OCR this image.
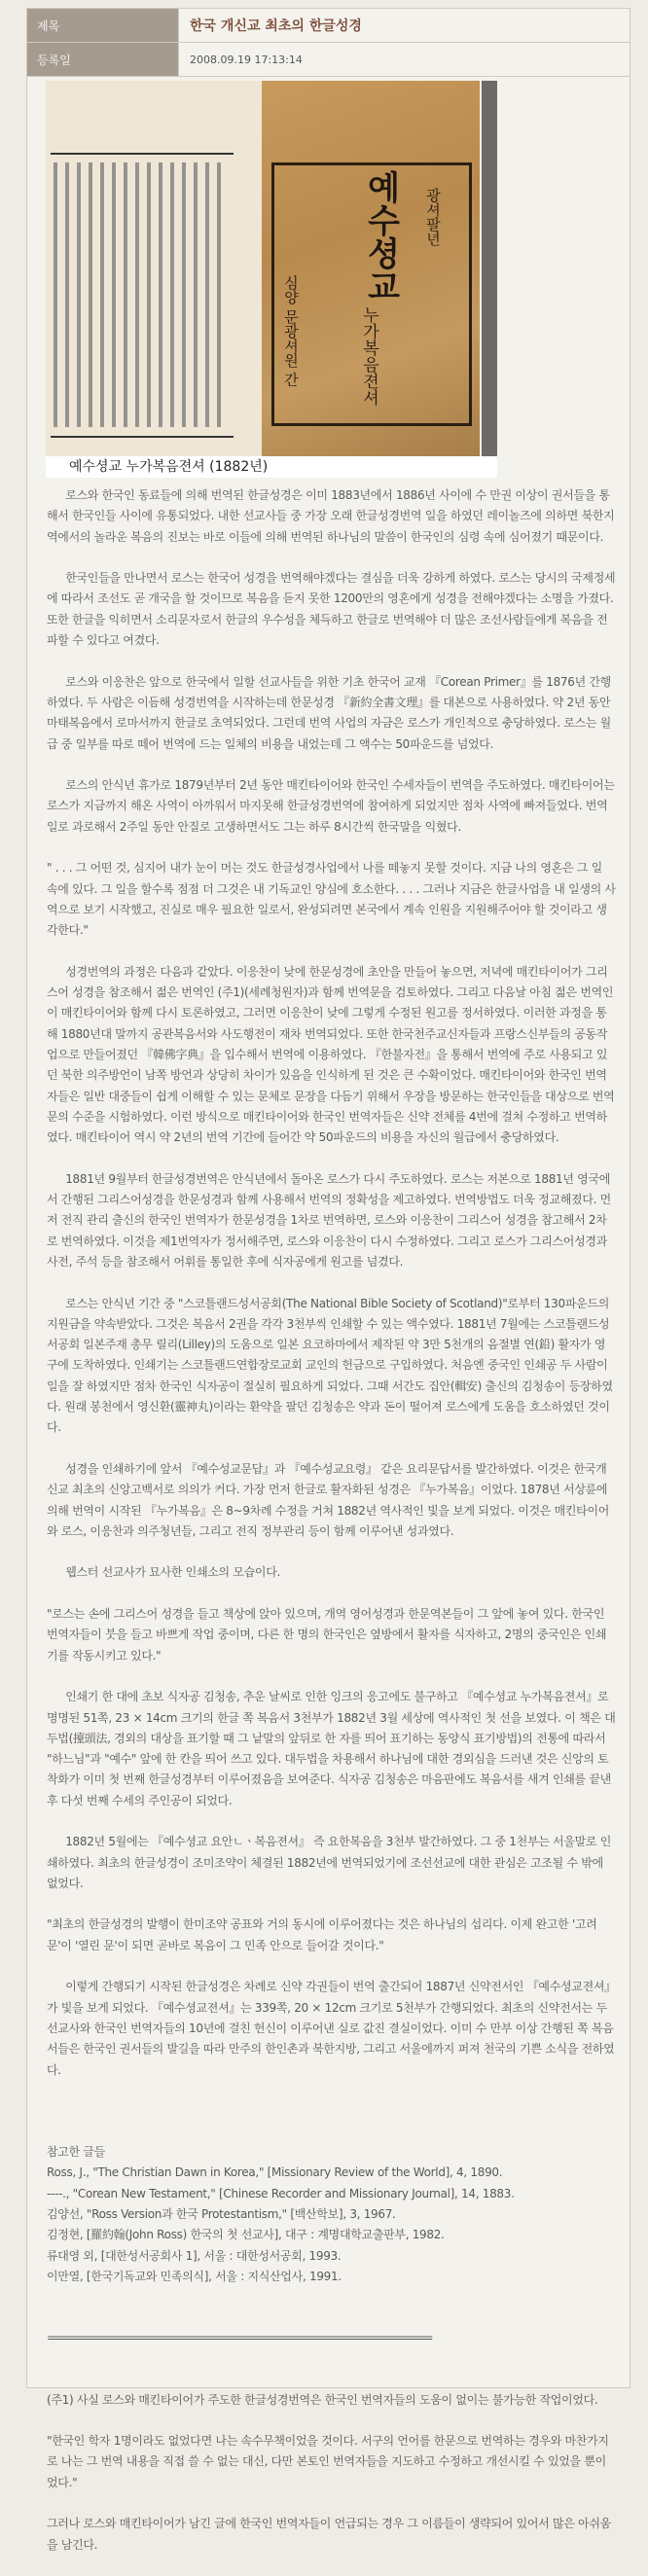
제목	한국 개신교 최초의 한글성경
등록일	2008.09.19 17:13:14
예수셩교
누가복음젼셔
광셔팔년
심양 문광셔원 간
예수셩교 누가복음젼셔 (1882년)

로스와 한국인 동료들에 의해 번역된 한글성경은 이미 1883년에서 1886년 사이에 수 만권 이상이 권서들을 통해서 한국인들 사이에 유통되었다. 내한 선교사들 중 가장 오래 한글성경번역 일을 하였던 레이놀즈에 의하면 북한지역에서의 놀라운 복음의 진보는 바로 이들에 의해 번역된 하나님의 말씀이 한국인의 심령 속에 심어졌기 때문이다.

한국인들을 만나면서 로스는 한국어 성경을 번역해야겠다는 결심을 더욱 강하게 하였다. 로스는 당시의 국제정세에 따라서 조선도 곧 개국을 할 것이므로 복음을 듣지 못한 1200만의 영혼에게 성경을 전해야겠다는 소명을 가졌다. 또한 한글을 익히면서 소리문자로서 한글의 우수성을 체득하고 한글로 번역해야 더 많은 조선사람들에게 복음을 전파할 수 있다고 여겼다.

로스와 이응찬은 앞으로 한국에서 일할 선교사들을 위한 기초 한국어 교재 『Corean Primer』를 1876년 간행하였다. 두 사람은 이듬해 성경번역을 시작하는데 한문성경 『新約全書文理』를 대본으로 사용하였다. 약 2년 동안 마태복음에서 로마서까지 한글로 초역되었다. 그런데 번역 사업의 자금은 로스가 개인적으로 충당하였다. 로스는 월급 중 일부를 따로 떼어 번역에 드는 일체의 비용을 내었는데 그 액수는 50파운드를 넘었다.

로스의 안식년 휴가로 1879년부터 2년 동안 매킨타이어와 한국인 수세자들이 번역을 주도하였다. 매킨타이어는 로스가 지금까지 해온 사역이 아까워서 마지못해 한글성경번역에 참여하게 되었지만 점차 사역에 빠져들었다. 번역일로 과로해서 2주일 동안 안질로 고생하면서도 그는 하루 8시간씩 한국말을 익혔다.

" . . . 그 어떤 것, 심지어 내가 눈이 머는 것도 한글성경사업에서 나를 떼놓지 못할 것이다. 지금 나의 영혼은 그 일 속에 있다. 그 일을 할수록 점점 더 그것은 내 기독교인 양심에 호소한다. . . . 그러나 지금은 한글사업을 내 일생의 사역으로 보기 시작했고, 진실로 매우 필요한 일로서, 완성되려면 본국에서 계속 인원을 지원해주어야 할 것이라고 생각한다."

성경번역의 과정은 다음과 같았다. 이응찬이 낮에 한문성경에 초안을 만들어 놓으면, 저녁에 매킨타이어가 그리스어 성경을 참조해서 젊은 번역인 (주1)(세례청원자)과 함께 번역문을 검토하였다. 그리고 다음날 아침 젊은 번역인이 매킨타이어와 함께 다시 토론하였고, 그러면 이응찬이 낮에 그렇게 수정된 원고를 정서하였다. 이러한 과정을 통해 1880년대 말까지 공관복음서와 사도행전이 재차 번역되었다. 또한 한국천주교신자들과 프랑스신부들의 공동작업으로 만들어졌던 『韓佛字典』을 입수해서 번역에 이용하였다. 『한불자전』을 통해서 번역에 주로 사용되고 있던 북한 의주방언이 남쪽 방언과 상당히 차이가 있음을 인식하게 된 것은 큰 수확이었다. 매킨타이어와 한국인 번역자들은 일반 대중들이 쉽게 이해할 수 있는 문체로 문장을 다듬기 위해서 우장을 방문하는 한국인들을 대상으로 번역문의 수준을 시험하였다. 이런 방식으로 매킨타이어와 한국인 번역자들은 신약 전체를 4번에 걸쳐 수정하고 번역하였다. 매킨타이어 역시 약 2년의 번역 기간에 들어간 약 50파운드의 비용을 자신의 월급에서 충당하였다.

1881년 9월부터 한글성경번역은 안식년에서 돌아온 로스가 다시 주도하였다. 로스는 저본으로 1881년 영국에서 간행된 그리스어성경을 한문성경과 함께 사용해서 번역의 정확성을 제고하였다. 번역방법도 더욱 정교해졌다. 먼저 전직 관리 출신의 한국인 번역자가 한문성경을 1차로 번역하면, 로스와 이응찬이 그리스어 성경을 참고해서 2차로 번역하였다. 이것을 제1번역자가 정서해주면, 로스와 이응찬이 다시 수정하였다. 그리고 로스가 그리스어성경과 사전, 주석 등을 참조해서 어휘를 통일한 후에 식자공에게 원고를 넘겼다.

로스는 안식년 기간 중 "스코틀랜드성서공회(The National Bible Society of Scotland)"로부터 130파운드의 지원금을 약속받았다. 그것은 복음서 2권을 각각 3천부씩 인쇄할 수 있는 액수였다. 1881년 7월에는 스코틀랜드성서공회 일본주재 총무 릴리(Lilley)의 도움으로 일본 요코하마에서 제작된 약 3만 5천개의 음절별 연(鉛) 활자가 영구에 도착하였다. 인쇄기는 스코틀랜드연합장로교회 교인의 헌금으로 구입하였다. 처음엔 중국인 인쇄공 두 사람이 일을 잘 하였지만 점차 한국인 식자공이 절실히 필요하게 되었다. 그때 서간도 집안(輯安) 출신의 김청송이 등장하였다. 원래 봉천에서 영신환(靈神丸)이라는 환약을 팔던 김청송은 약과 돈이 떨어져 로스에게 도움을 호소하였던 것이다.

성경을 인쇄하기에 앞서 『예수성교문답』과 『예수성교요령』 같은 요리문답서를 발간하였다. 이것은 한국개신교 최초의 신앙고백서로 의의가 커다. 가장 먼저 한글로 활자화된 성경은 『누가복음』이었다. 1878년 서상륜에 의해 번역이 시작된 『누가복음』은 8~9차례 수정을 거쳐 1882년 역사적인 빛을 보게 되었다. 이것은 매킨타이어와 로스, 이응찬과 의주청년들, 그리고 전직 정부관리 등이 함께 이루어낸 성과였다.

웹스터 선교사가 묘사한 인쇄소의 모습이다.

"로스는 손에 그리스어 성경을 들고 책상에 앉아 있으며, 개역 영어성경과 한문역본들이 그 앞에 놓여 있다. 한국인 번역자들이 붓을 들고 바쁘게 작업 중이며, 다른 한 명의 한국인은 옆방에서 활자를 식자하고, 2명의 중국인은 인쇄기를 작동시키고 있다."

인쇄기 한 대에 초보 식자공 김청송, 추운 날씨로 인한 잉크의 응고에도 불구하고 『예수셩교 누가복음젼셔』로 명명된 51쪽, 23 × 14cm 크기의 한글 쪽 복음서 3천부가 1882년 3월 세상에 역사적인 첫 선을 보였다. 이 책은 대두법(擡頭法, 경외의 대상을 표기할 때 그 낱말의 앞뒤로 한 자를 띄어 표기하는 동양식 표기방법)의 전통에 따라서 "하느님"과 "예수" 앞에 한 칸을 띄어 쓰고 있다. 대두법을 차용해서 하나님에 대한 경외심을 드러낸 것은 신앙의 토착화가 이미 첫 번째 한글성경부터 이루어졌음을 보여준다. 식자공 김청송은 마음판에도 복음서를 새겨 인쇄를 끝낸 후 다섯 번째 수세의 주인공이 되었다.

1882년 5월에는 『예수셩교 요안ㄴㆍ복음젼셔』 즉 요한복음을 3천부 발간하였다. 그 중 1천부는 서울말로 인쇄하였다. 최초의 한글성경이 조미조약이 체결된 1882년에 번역되었기에 조선선교에 대한 관심은 고조될 수 밖에 없었다.

"최초의 한글성경의 발행이 한미조약 공표와 거의 동시에 이루어졌다는 것은 하나님의 섭리다. 이제 완고한 '고려문'이 '열린 문'이 되면 곧바로 복음이 그 민족 안으로 들어갈 것이다."

이렇게 간행되기 시작된 한글성경은 차례로 신약 각권들이 번역 출간되어 1887년 신약전서인 『예수셩교젼셔』가 빛을 보게 되었다. 『예수셩교젼셔』는 339쪽, 20 × 12cm 크기로 5천부가 간행되었다. 최초의 신약전서는 두 선교사와 한국인 번역자들의 10년에 걸친 헌신이 이루어낸 실로 값진 결실이었다. 이미 수 만부 이상 간행된 쪽 복음서들은 한국인 권서들의 발길을 따라 만주의 한인촌과 북한지방, 그리고 서울에까지 퍼져 천국의 기쁜 소식을 전하였다.

참고한 글들

Ross, J., "The Christian Dawn in Korea," [Missionary Review of the World], 4, 1890.

----., "Corean New Testament," [Chinese Recorder and Missionary Journal], 14, 1883.

김양선, "Ross Version과 한국 Protestantism," [백산학보], 3, 1967.

김정현, [羅約翰(John Ross) 한국의 첫 선교사], 대구 : 계명대학교출판부, 1982.

류대영 외, [대한성서공회사 1], 서울 : 대한성서공회, 1993.

이만열, [한국기독교와 민족의식], 서울 : 지식산업사, 1991.

=================================================================

(주1) 사실 로스와 매킨타이어가 주도한 한글성경번역은 한국인 번역자들의 도움이 없이는 불가능한 작업이었다.

"한국인 학자 1명이라도 없었다면 나는 속수무책이었을 것이다. 서구의 언어를 한문으로 번역하는 경우와 마찬가지로 나는 그 번역 내용을 직접 쓸 수 없는 대신, 다만 본토인 번역자들을 지도하고 수정하고 개선시킬 수 있었을 뿐이었다."

그러나 로스와 매킨타이어가 남긴 글에 한국인 번역자들이 언급되는 경우 그 이름들이 생략되어 있어서 많은 아쉬움을 남긴다.
